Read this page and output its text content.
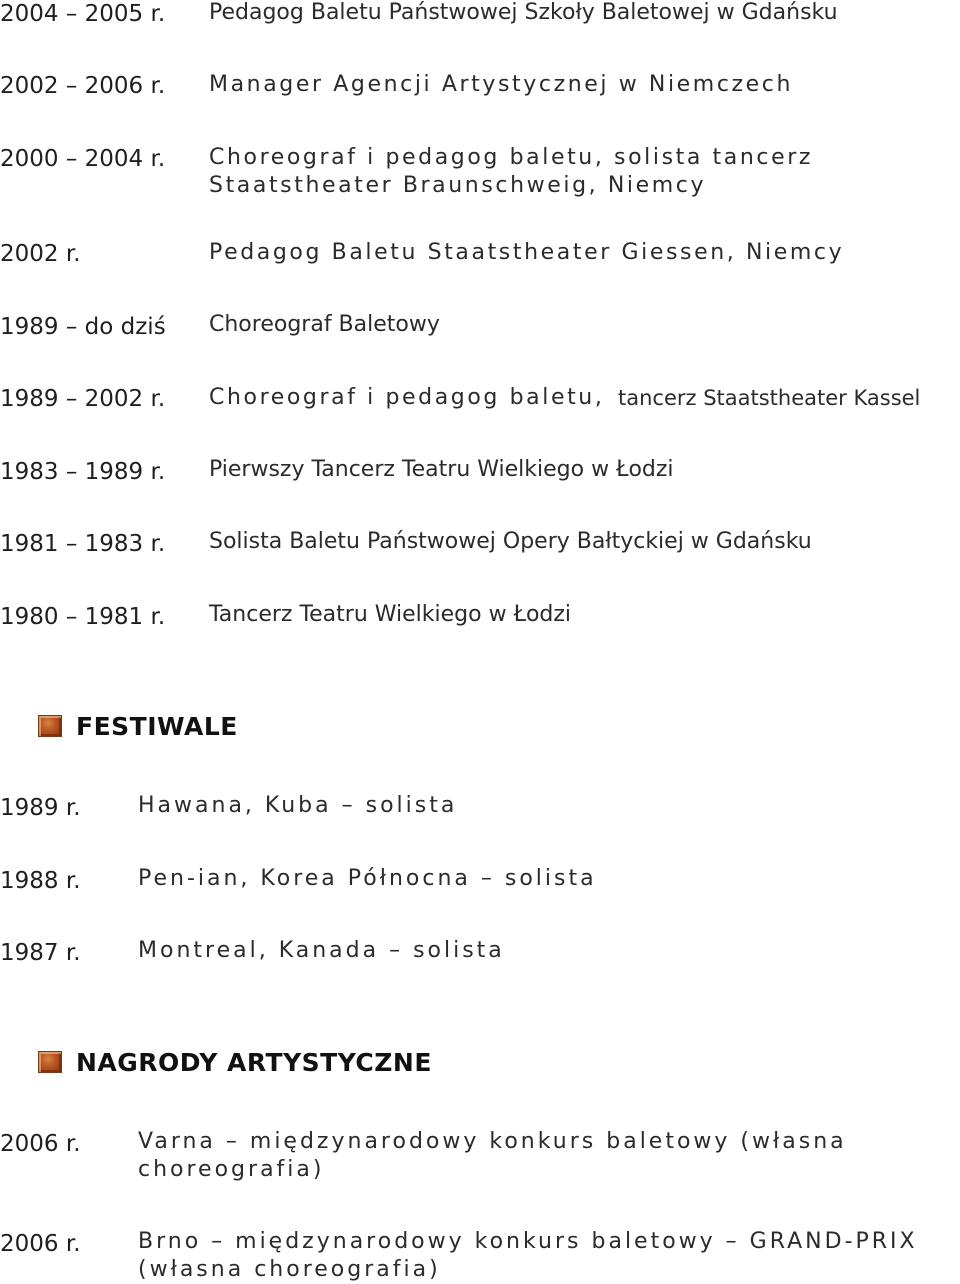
2004 – 2005 r. Pedagog Baletu Państwowej Szkoły Baletowej w Gdańsku
2002 – 2006 r. Manager Agencji Artystycznej w Niemczech
2000 – 2004 r. Choreograf i pedagog baletu, solista tancerz
Staatstheater Braunschweig, Niemcy
2002 r.	Pedagog Baletu Staatstheater Giessen, Niemcy
1989 – do dziś Choreograf Baletowy
1989 – 2002 r. Choreograf i pedagog baletu, tancerz Staatstheater Kassel
1983 – 1989 r. Pierwszy Tancerz Teatru Wielkiego w Łodzi
1981 – 1983 r. Solista Baletu Państwowej Opery Bałtyckiej w Gdańsku
1980 – 1981 r. Tancerz Teatru Wielkiego w Łodzi
FESTIWALE
1989 r.	Hawana, Kuba – solista
1988 r.	Pen-ian, Korea Północna – solista
1987 r.	Montreal, Kanada – solista
NAGRODY ARTYSTYCZNE
2006 r.	Varna – międzynarodowy konkurs baletowy (własna
choreografia)
2006 r.	Brno – międzynarodowy konkurs baletowy – GRAND-PRIX
(własna choreografia)
